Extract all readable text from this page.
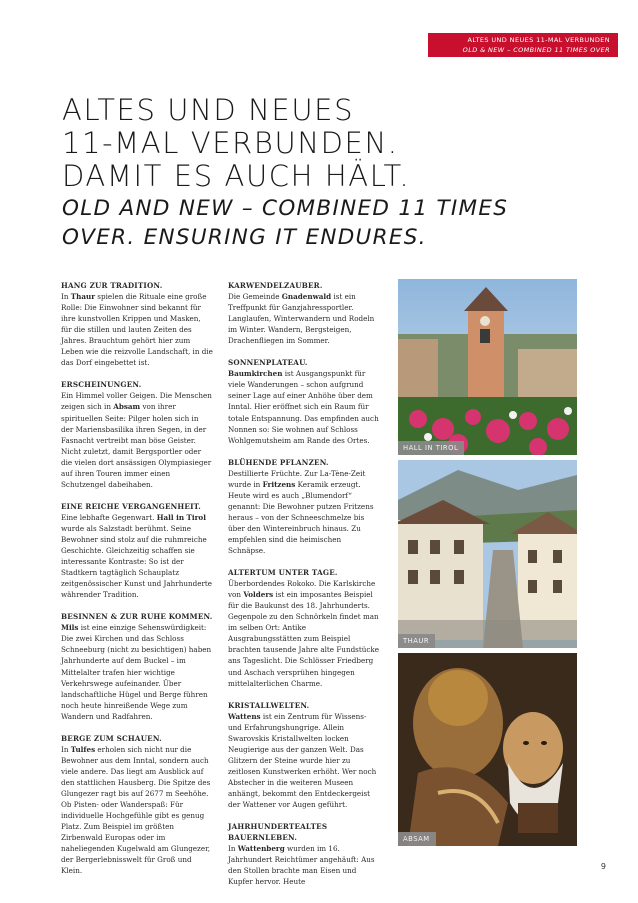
ALTES UND NEUES 11-MAL VERBUNDEN
OLD & NEW – COMBINED 11 TIMES OVER
ALTES UND NEUES
11-MAL VERBUNDEN.
DAMIT ES AUCH HÄLT.
OLD AND NEW – COMBINED 11 TIMES
OVER. ENSURING IT ENDURES.
HANG ZUR TRADITION.

In Thaur spielen die Rituale eine große Rolle: Die Einwohner sind bekannt für ihre kunstvollen Krippen und Masken, für die stillen und lauten Zeiten des Jahres. Brauchtum gehört hier zum Leben wie die reizvolle Landschaft, in die das Dorf eingebettet ist.

ERSCHEINUNGEN.

Ein Himmel voller Geigen. Die Menschen zeigen sich in Absam von ihrer spirituellen Seite: Pilger holen sich in der Mariensbasilika ihren Segen, in der Fasnacht vertreibt man böse Geister. Nicht zuletzt, damit Bergsportler oder die vielen dort ansässigen Olympiasieger auf ihren Touren immer einen Schutzengel dabeihaben.

EINE REICHE VERGANGENHEIT.

Eine lebhafte Gegenwart. Hall in Tirol wurde als Salzstadt berühmt. Seine Bewohner sind stolz auf die ruhmreiche Geschichte. Gleichzeitig schaffen sie interessante Kontraste: So ist der Stadtkern tagtäglich Schauplatz zeitgenössischer Kunst und Jahrhunderte währender Tradition.

BESINNEN & ZUR RUHE KOMMEN.

Mils ist eine einzige Sehenswürdigkeit: Die zwei Kirchen und das Schloss Schneeburg (nicht zu besichtigen) haben Jahrhunderte auf dem Buckel – im Mittelalter trafen hier wichtige Verkehrswege aufeinander. Über landschaftliche Hügel und Berge führen noch heute hinreißende Wege zum Wandern und Radfahren.

BERGE ZUM SCHAUEN.

In Tulfes erholen sich nicht nur die Bewohner aus dem Inntal, sondern auch viele andere. Das liegt am Ausblick auf den stattlichen Hausberg. Die Spitze des Glungezer ragt bis auf 2677 m Seehöhe. Ob Pisten- oder Wanderspaß: Für individuelle Hochgefühle gibt es genug Platz. Zum Beispiel im größten Zirbenwald Europas oder im naheliegenden Kugelwald am Glungezer, der Bergerlebnisswelt für Groß und Klein.

KARWENDELZAUBER.

Die Gemeinde Gnadenwald ist ein Treffpunkt für Ganzjahressportler. Langlaufen, Winterwandern und Rodeln im Winter. Wandern, Bergsteigen, Drachenfliegen im Sommer.

SONNENPLATEAU.

Baumkirchen ist Ausgangspunkt für viele Wanderungen – schon aufgrund seiner Lage auf einer Anhöhe über dem Inntal. Hier eröffnet sich ein Raum für totale Entspannung. Das empfinden auch Nonnen so: Sie wohnen auf Schloss Wohlgemutsheim am Rande des Ortes.

BLÜHENDE PFLANZEN.

Destillierte Früchte. Zur La-Tène-Zeit wurde in Fritzens Keramik erzeugt. Heute wird es auch „Blumendorf“ genannt: Die Bewohner putzen Fritzens heraus – von der Schneeschmelze bis über den Wintereinbruch hinaus. Zu empfehlen sind die heimischen Schnäpse.

ALTERTUM UNTER TAGE.

Überbordendes Rokoko. Die Karlskirche von Volders ist ein imposantes Beispiel für die Baukunst des 18. Jahrhunderts. Gegenpole zu den Schnörkeln findet man im selben Ort: Antike Ausgrabungsstätten zum Beispiel brachten tausende Jahre alte Fundstücke ans Tageslicht. Die Schlösser Friedberg und Aschach versprühen hingegen mittelalterlichen Charme.

KRISTALLWELTEN.

Wattens ist ein Zentrum für Wissens- und Erfahrungshungrige. Allein Swarovskis Kristallwelten locken Neugierige aus der ganzen Welt. Das Glitzern der Steine wurde hier zu zeitlosen Kunstwerken erhöht. Wer noch Abstecher in die weiteren Museen anhängt, bekommt den Entdeckergeist der Wattener vor Augen geführt.

JAHRHUNDERTEALTES BAUERNLEBEN.

In Wattenberg wurden im 16. Jahrhundert Reichtümer angehäuft: Aus den Stollen brachte man Eisen und Kupfer hervor. Heute

HALL IN TIROL
THAUR
ABSAM
9
